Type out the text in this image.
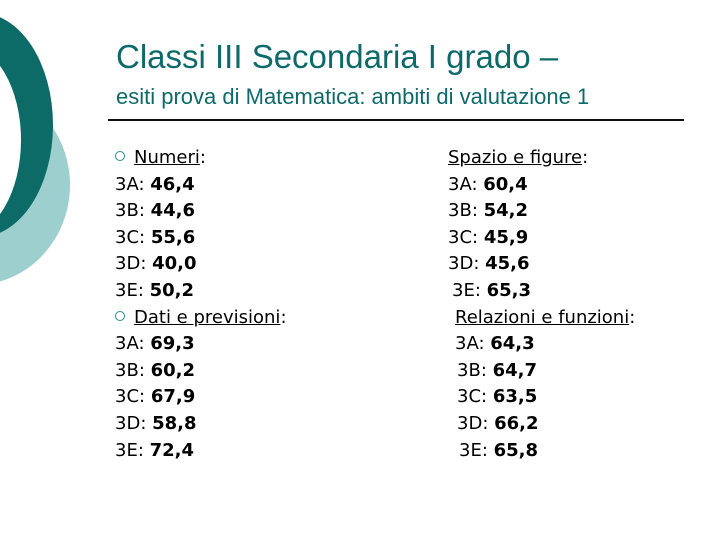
Classi III Secondaria I grado –
esiti prova di Matematica: ambiti di valutazione 1
Numeri:
3A: 46,4
3B: 44,6
3C: 55,6
3D: 40,0
3E: 50,2
Dati e previsioni:
3A: 69,3
3B: 60,2
3C: 67,9
3D: 58,8
3E: 72,4
Spazio e figure:
3A: 60,4
3B: 54,2
3C: 45,9
3D: 45,6
3E: 65,3
Relazioni e funzioni:
3A: 64,3
3B: 64,7
3C: 63,5
3D: 66,2
3E: 65,8
